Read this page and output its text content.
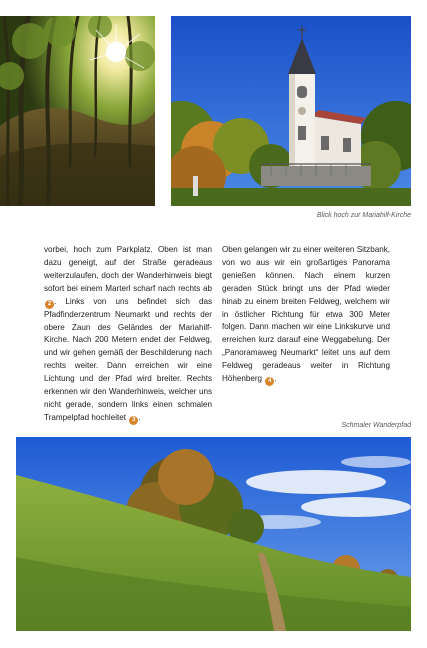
Blick hoch zur Mariahilf-Kirche
vorbei, hoch zum Parkplatz. Oben ist man dazu geneigt, auf der Straße geradeaus weiterzulaufen, doch der Wanderhinweis biegt sofort bei einem Marterl scharf nach rechts ab 2 . Links von uns befindet sich das Pfadfinderzentrum Neumarkt und rechts der obere Zaun des Geländes der Mariahilf-Kirche. Nach 200 Metern endet der Feldweg, und wir gehen gemäß der Beschilderung nach rechts weiter. Dann erreichen wir eine Lichtung und der Pfad wird breiter. Rechts erkennen wir den Wanderhinweis, welcher uns nicht gerade, sondern links einen schmalen Trampelpfad hochleitet 3 .
Oben gelangen wir zu einer weiteren Sitzbank, von wo aus wir ein großartiges Panorama genießen können. Nach einem kurzen geraden Stück bringt uns der Pfad wieder hinab zu einem breiten Feldweg, welchem wir in östlicher Richtung für etwa 300 Meter folgen. Dann machen wir eine Linkskurve und erreichen kurz darauf eine Weggabelung. Der „Panoramaweg Neumarkt“ leitet uns auf dem Feldweg geradeaus weiter in Richtung Höhenberg 4 .
Schmaler Wanderpfad
